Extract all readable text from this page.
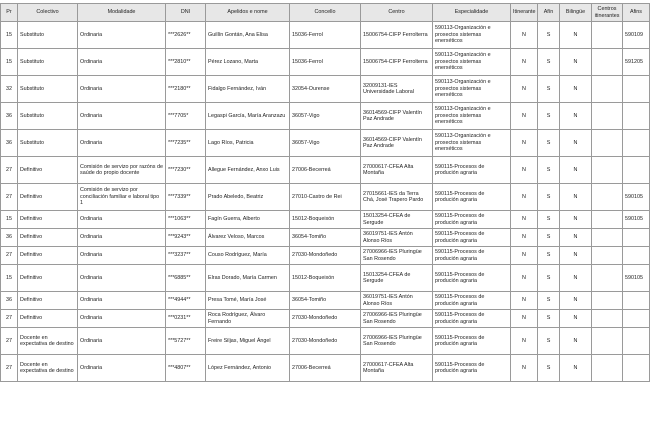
Pr	Colectivo	Modalidade	DNI	Apelidos e nome	Concello	Centro	Especialidade	Itinerante	Afín	Bilingüe	Centros itinerantes	Afins
15	Substituto	Ordinaria	***2626**	Guillín Gontán, Ana Elisa	15036-Ferrol	15006754-CIFP Ferrolterra	590113-Organización e proxectos sistemas enerxéticos	N	S	N		590109
15	Substituto	Ordinaria	***2810**	Pérez Lozano, Marta	15036-Ferrol	15006754-CIFP Ferrolterra	590113-Organización e proxectos sistemas enerxéticos	N	S	N		591205
32	Substituto	Ordinaria	***2180**	Fidalgo Fernández, Iván	32054-Ourense	32009131-IES Universidade Laboral	590113-Organización e proxectos sistemas enerxéticos	N	S	N		
36	Substituto	Ordinaria	***7705*	Legaspi García, María Aranzazu	36057-Vigo	36014569-CIFP Valentín Paz Andrade	590113-Organización e proxectos sistemas enerxéticos	N	S	N		
36	Substituto	Ordinaria	***7235**	Lago Ríos, Patricia	36057-Vigo	36014569-CIFP Valentín Paz Andrade	590113-Organización e proxectos sistemas enerxéticos	N	S	N		
27	Definitivo	Comisión de servizo por razóns de saúde do propio docente	***7230**	Allegue Fernández, Anxo Luis	27006-Becerreá	27000617-CFEA Alta Montaña	590115-Procesos de produción agraria	N	S	N		
27	Definitivo	Comisión de servizo por conciliación familiar e laboral tipo 1	***7339**	Prado Abeledo, Beatriz	27010-Castro de Rei	27015661-IES da Terra Chá, José Trapero Pardo	590115-Procesos de produción agraria	N	S	N		590105
15	Definitivo	Ordinaria	***1063**	Fagín Guerra, Alberto	15012-Boqueixón	15013254-CFEA de Sergude	590115-Procesos de produción agraria	N	S	N		590105
36	Definitivo	Ordinaria	***9243**	Álvarez Veloso, Marcos	36054-Tomiño	36019751-IES Antón Alonso Ríos	590115-Procesos de produción agraria	N	S	N		
27	Definitivo	Ordinaria	***3237**	Couso Rodríguez, María	27030-Mondoñedo	27006966-IES Pluringüe San Rosendo	590115-Procesos de produción agraria	N	S	N		
15	Definitivo	Ordinaria	***6885**	Elras Dorado, María Carmen	15012-Boqueixón	15013254-CFEA de Sergude	590115-Procesos de produción agraria	N	S	N		590105
36	Definitivo	Ordinaria	***4944**	Presa Tomé, María José	36054-Tomiño	36019751-IES Antón Alonso Ríos	590115-Procesos de produción agraria	N	S	N		
27	Definitivo	Ordinaria	***0231**	Roca Rodríguez, Álvaro Fernando	27030-Mondoñedo	27006966-IES Pluringüe San Rosendo	590115-Procesos de produción agraria	N	S	N		
27	Docente en expectativa de destino	Ordinaria	***5727**	Freire Siljas, Miguel Ángel	27030-Mondoñedo	27006966-IES Pluringüe San Rosendo	590115-Procesos de produción agraria	N	S	N		
27	Docente en expectativa de destino	Ordinaria	***4807**	López Fernández, Antonio	27006-Becerreá	27000617-CFEA Alta Montaña	590115-Procesos de produción agraria	N	S	N		
